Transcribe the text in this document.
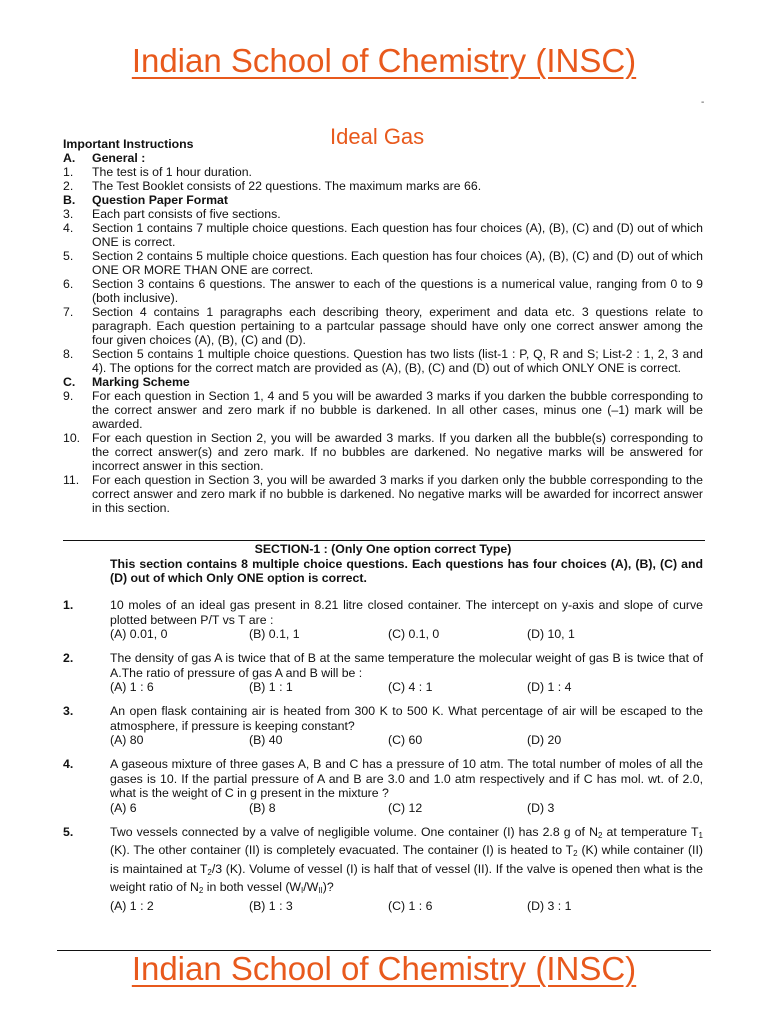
Indian School of Chemistry (INSC)
-
Ideal Gas
Important Instructions
A. General :
1. The test is of 1 hour duration.
2. The Test Booklet consists of 22 questions. The maximum marks are 66.
B. Question Paper Format
3. Each part consists of five sections.
4. Section 1 contains 7 multiple choice questions. Each question has four choices (A), (B), (C) and (D) out of which ONE is correct.
5. Section 2 contains 5 multiple choice questions. Each question has four choices (A), (B), (C) and (D) out of which ONE OR MORE THAN ONE are correct.
6. Section 3 contains 6 questions. The answer to each of the questions is a numerical value, ranging from 0 to 9 (both inclusive).
7. Section 4 contains 1 paragraphs each describing theory, experiment and data etc. 3 questions relate to paragraph. Each question pertaining to a partcular passage should have only one correct answer among the four given choices (A), (B), (C) and (D).
8. Section 5 contains 1 multiple choice questions. Question has two lists (list-1 : P, Q, R and S; List-2 : 1, 2, 3 and 4). The options for the correct match are provided as (A), (B), (C) and (D) out of which ONLY ONE is correct.
C. Marking Scheme
9. For each question in Section 1, 4 and 5 you will be awarded 3 marks if you darken the bubble corresponding to the correct answer and zero mark if no bubble is darkened. In all other cases, minus one (–1) mark will be awarded.
10. For each question in Section 2, you will be awarded 3 marks. If you darken all the bubble(s) corresponding to the correct answer(s) and zero mark. If no bubbles are darkened. No negative marks will be answered for incorrect answer in this section.
11. For each question in Section 3, you will be awarded 3 marks if you darken only the bubble corresponding to the correct answer and zero mark if no bubble is darkened. No negative marks will be awarded for incorrect answer in this section.
SECTION-1 : (Only One option correct Type)
This section contains 8 multiple choice questions. Each questions has four choices (A), (B), (C) and (D) out of which Only ONE option is correct.
1.	10 moles of an ideal gas present in 8.21 litre closed container. The intercept on y-axis and slope of curve plotted between P/T vs T are :
(A) 0.01, 0	(B) 0.1, 1	(C) 0.1, 0	(D) 10, 1
2.	The density of gas A is twice that of B at the same temperature the molecular weight of gas B is twice that of A.The ratio of pressure of gas A and B will be :
(A) 1 : 6	(B) 1 : 1	(C) 4 : 1	(D) 1 : 4
3.	An open flask containing air is heated from 300 K to 500 K. What percentage of air will be escaped to the atmosphere, if pressure is keeping constant?
(A) 80	(B) 40	(C) 60	(D) 20
4.	A gaseous mixture of three gases A, B and C has a pressure of 10 atm. The total number of moles of all the gases is 10. If the partial pressure of A and B are 3.0 and 1.0 atm respectively and if C has mol. wt. of 2.0, what is the weight of C in g present in the mixture ?
(A) 6	(B) 8	(C) 12	(D) 3
5.	Two vessels connected by a valve of negligible volume. One container (I) has 2.8 g of $N_2$ at temperature $T_1$ (K). The other container (II) is completely evacuated. The container (I) is heated to $T_2$ (K) while container (II) is maintained at $T_2/3$ (K). Volume of vessel (I) is half that of vessel (II). If the valve is opened then what is the weight ratio of $N_2$ in both vessel $(W_I/W_{II})$?
(A) 1 : 2	(B) 1 : 3	(C) 1 : 6	(D) 3 : 1
Indian School of Chemistry (INSC)
